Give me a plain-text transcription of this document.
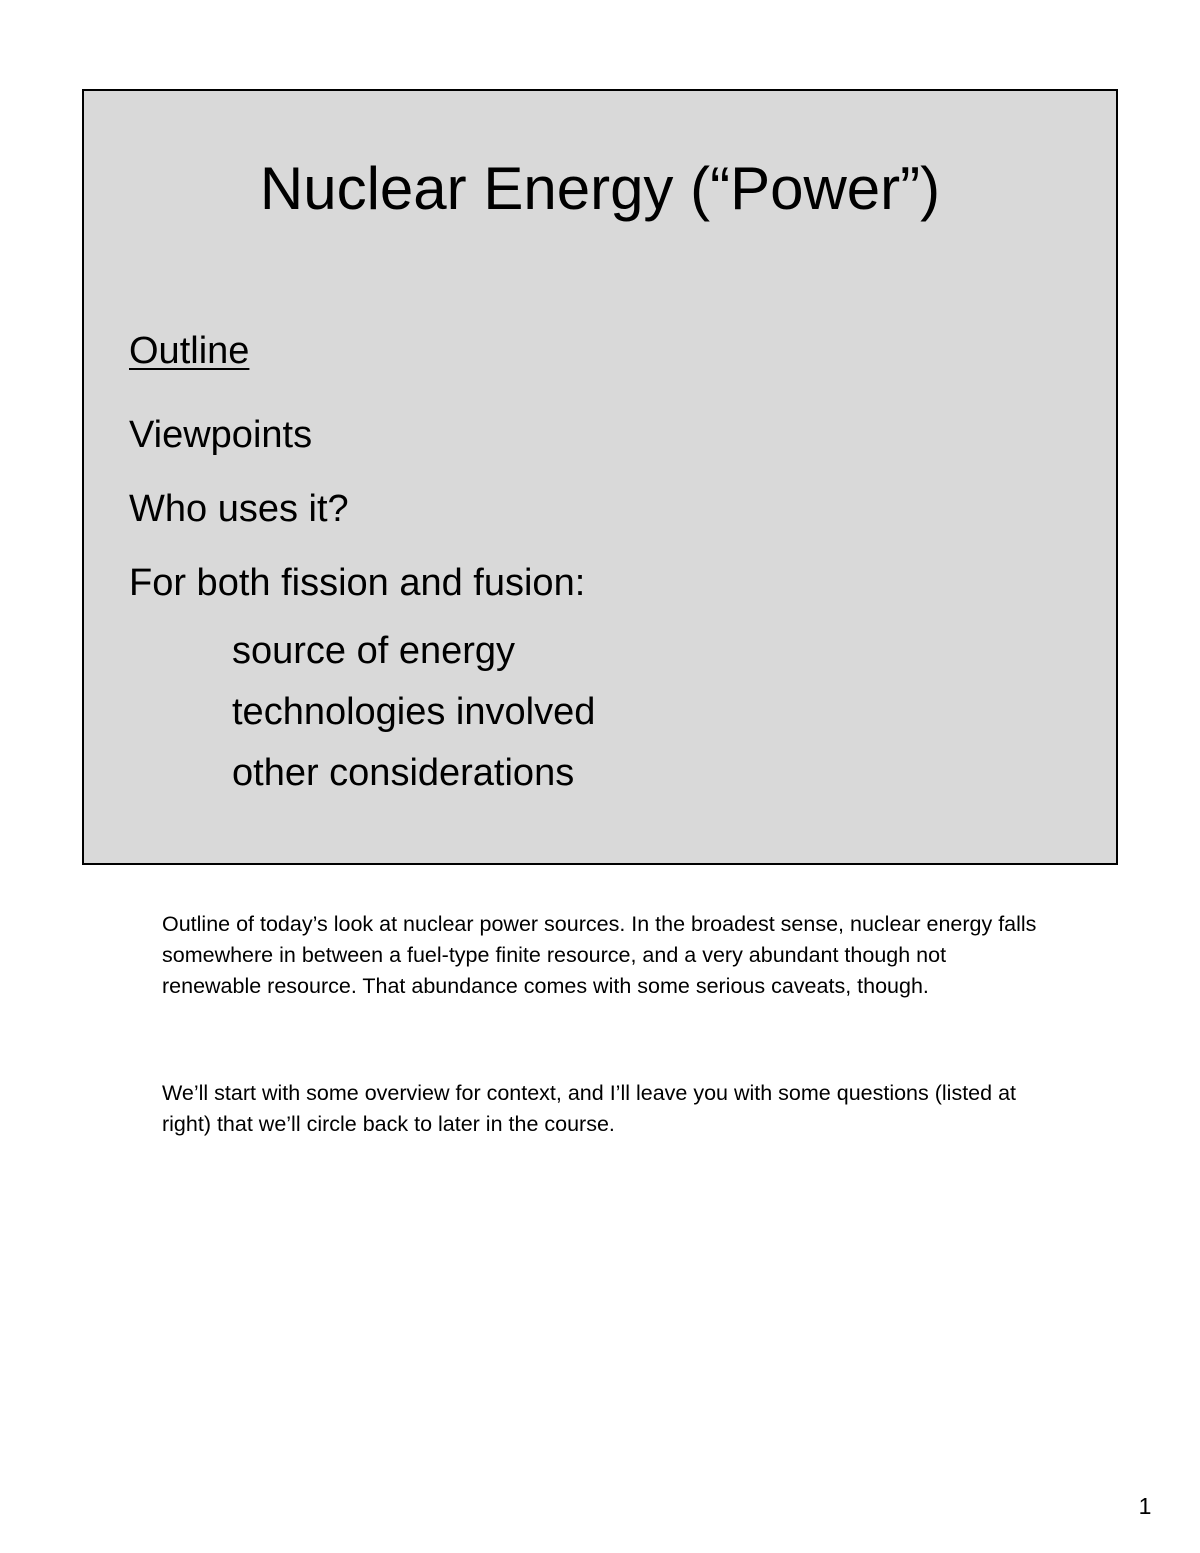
Nuclear Energy (“Power”)
Outline
Viewpoints
Who uses it?
For both fission and fusion:
source of energy
technologies involved
other considerations

Outline of today’s look at nuclear power sources. In the broadest sense, nuclear energy falls somewhere in between a fuel-type finite resource, and a very abundant though not renewable resource. That abundance comes with some serious caveats, though.

We’ll start with some overview for context, and I’ll leave you with some questions (listed at right) that we’ll circle back to later in the course.

1
